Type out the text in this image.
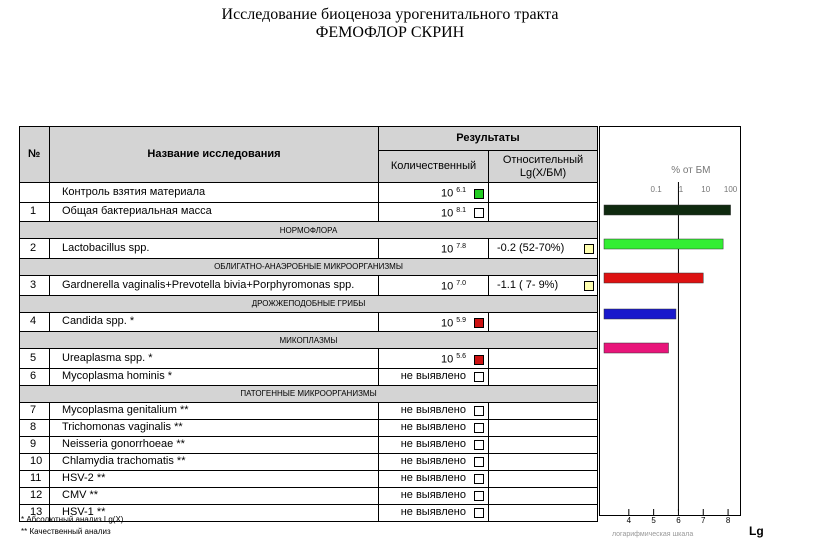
Исследование биоценоза урогенитального тракта
ФЕМОФЛОР СКРИН
№	Название исследования	Результаты	
		Количественный	Относительный
Lg(X/БМ)

	Контроль взятия материала	10 $^{6.1}$	
1	Общая бактериальная масса	10 $^{8.1}$	
НОРМОФЛОРА			
2	Lactobacillus spp.	10 $^{7.8}$	-0.2 (52-70%)

ОБЛИГАТНО-АНАЭРОБНЫЕ МИКРООРГАНИЗМЫ			
3	Gardnerella vaginalis+Prevotella bivia+Porphyromonas spp.	10 $^{7.0}$	-1.1 ( 7- 9%)

ДРОЖЖЕПОДОБНЫЕ ГРИБЫ			
4	Candida spp. *	10 $^{5.9}$	
МИКОПЛАЗМЫ			
5	Ureaplasma spp. *	10 $^{5.6}$	
6	Mycoplasma hominis *	не выявлено	
ПАТОГЕННЫЕ МИКРООРГАНИЗМЫ			
7	Mycoplasma genitalium **	не выявлено	
8	Trichomonas vaginalis **	не выявлено	
9	Neisseria gonorrhoeae **	не выявлено	
10	Chlamydia trachomatis **	не выявлено	
11	HSV-2 **	не выявлено	
12	CMV **	не выявлено	
13	HSV-1 **	не выявлено	
% от БМ
0.1 1 10 100
* Абсолютный анализ Lg(X)
** Качественный анализ	Lg
4	5	6	7	8
логарифмическая шкала
